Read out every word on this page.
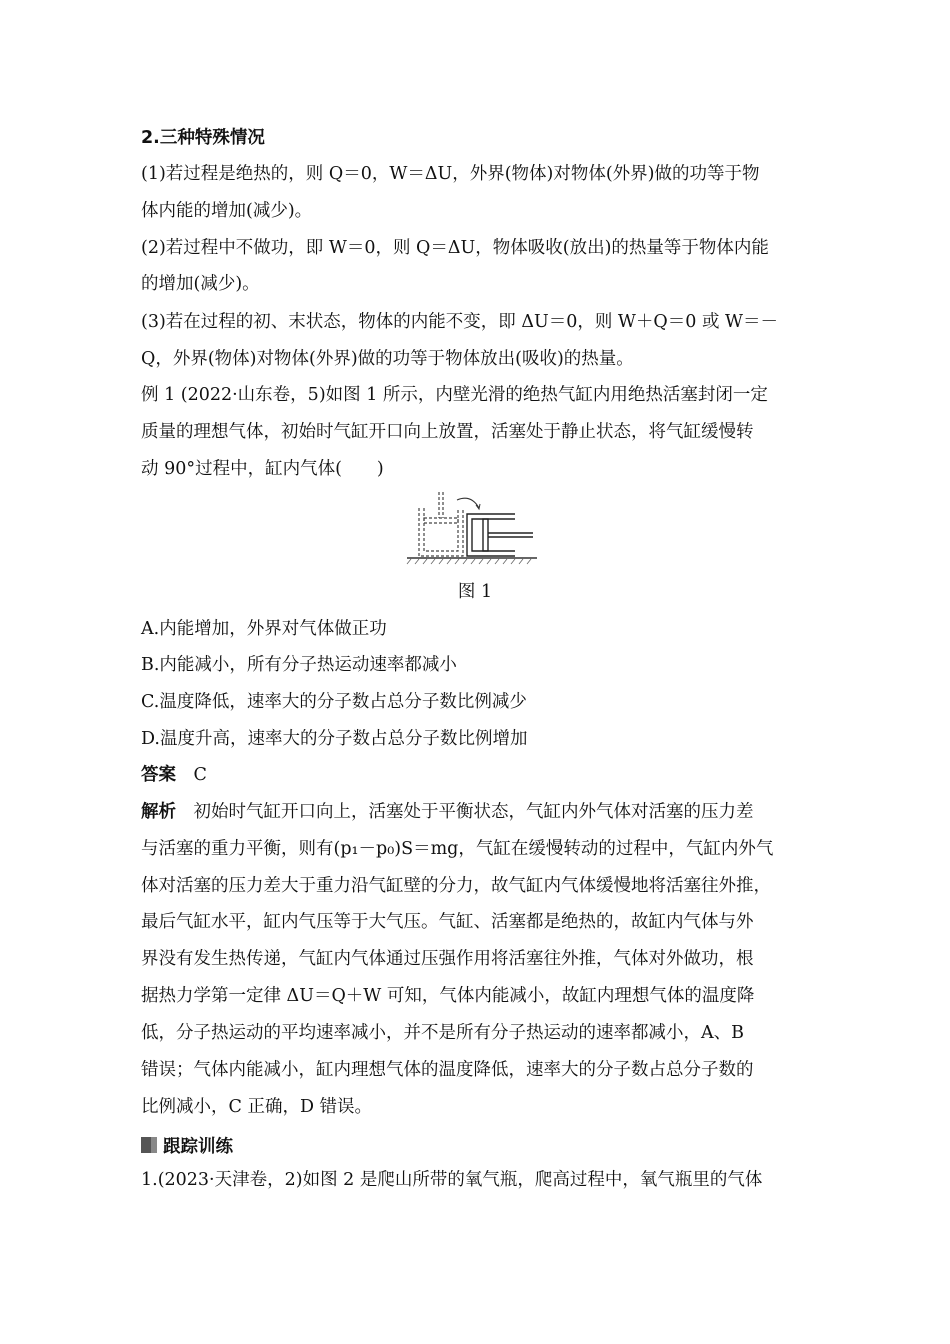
2.三种特殊情况
(1)若过程是绝热的，则 Q＝0，W＝ΔU，外界(物体)对物体(外界)做的功等于物
体内能的增加(减少)。
(2)若过程中不做功，即 W＝0，则 Q＝ΔU，物体吸收(放出)的热量等于物体内能
的增加(减少)。
(3)若在过程的初、末状态，物体的内能不变，即 ΔU＝0，则 W＋Q＝0 或 W＝－
Q，外界(物体)对物体(外界)做的功等于物体放出(吸收)的热量。
例 1 (2022·山东卷，5)如图 1 所示，内壁光滑的绝热气缸内用绝热活塞封闭一定
质量的理想气体，初始时气缸开口向上放置，活塞处于静止状态，将气缸缓慢转
动 90°过程中，缸内气体(　　)
图 1
A.内能增加，外界对气体做正功
B.内能减小，所有分子热运动速率都减小
C.温度降低，速率大的分子数占总分子数比例减少
D.温度升高，速率大的分子数占总分子数比例增加
答案　 C
解析　 初始时气缸开口向上，活塞处于平衡状态，气缸内外气体对活塞的压力差
与活塞的重力平衡，则有(p₁－p₀)S＝mg，气缸在缓慢转动的过程中，气缸内外气
体对活塞的压力差大于重力沿气缸壁的分力，故气缸内气体缓慢地将活塞往外推，
最后气缸水平，缸内气压等于大气压。气缸、活塞都是绝热的，故缸内气体与外
界没有发生热传递，气缸内气体通过压强作用将活塞往外推，气体对外做功，根
据热力学第一定律 ΔU＝Q＋W 可知，气体内能减小，故缸内理想气体的温度降
低，分子热运动的平均速率减小，并不是所有分子热运动的速率都减小，A、B
错误；气体内能减小，缸内理想气体的温度降低，速率大的分子数占总分子数的
比例减小，C 正确，D 错误。
跟踪训练
1.(2023·天津卷，2)如图 2 是爬山所带的氧气瓶，爬高过程中，氧气瓶里的气体
